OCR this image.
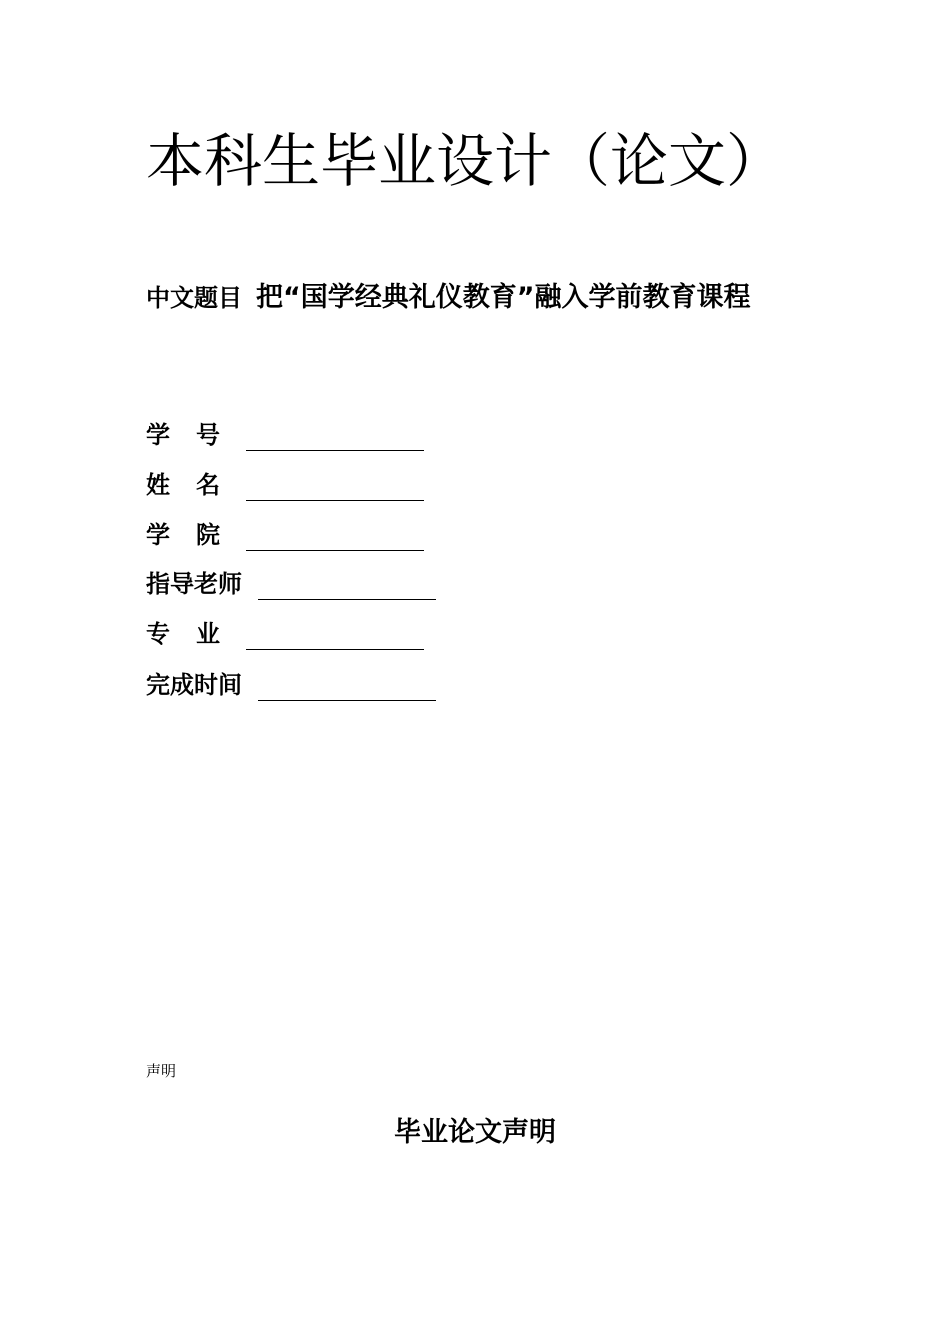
本科生毕业设计（论文）
中文题目 把“国学经典礼仪教育”融入学前教育课程
学号
姓名
学院
指导老师
专业
完成时间
声明
毕业论文声明
